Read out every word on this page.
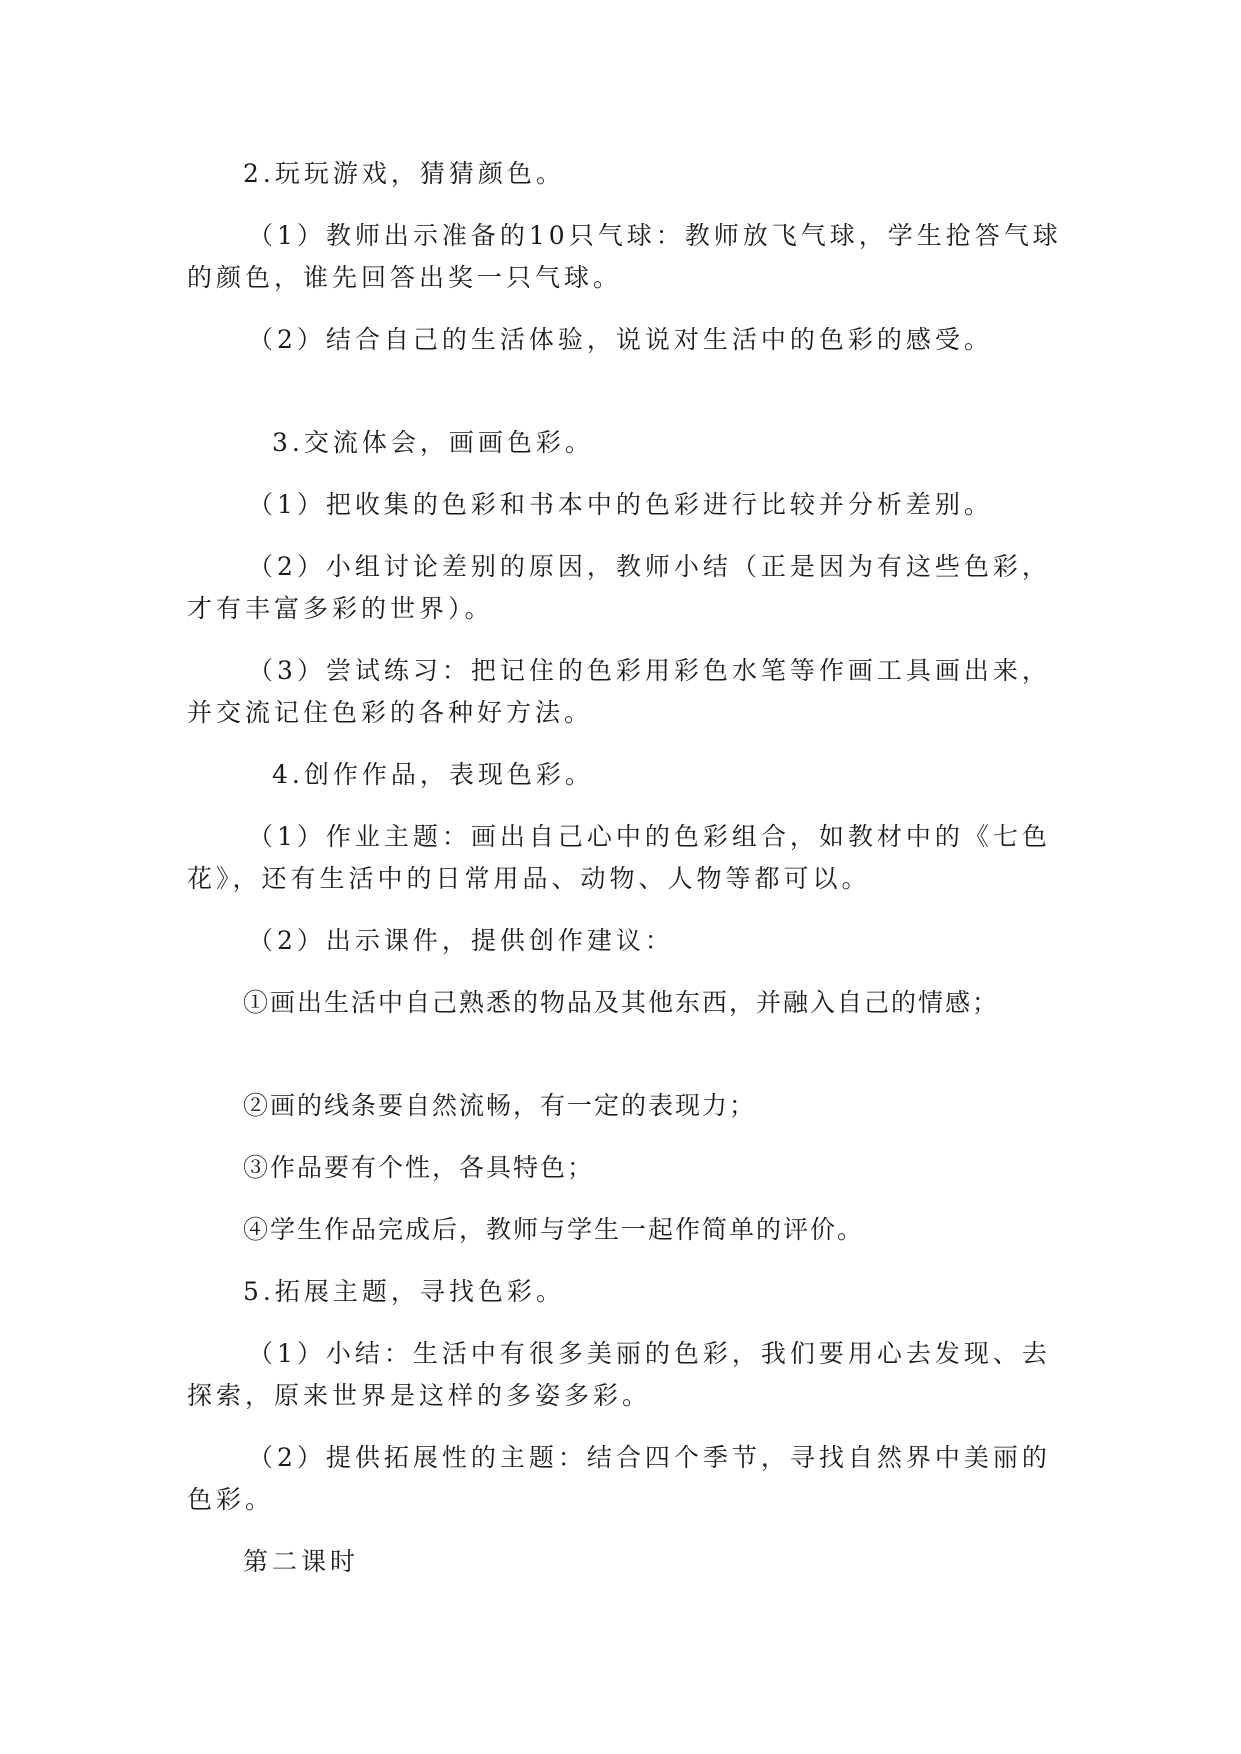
2.玩玩游戏，猜猜颜色。

（1）教师出示准备的10只气球：教师放飞气球，学生抢答气球

的颜色，谁先回答出奖一只气球。

（2）结合自己的生活体验，说说对生活中的色彩的感受。

3.交流体会，画画色彩。

（1）把收集的色彩和书本中的色彩进行比较并分析差别。

（2）小组讨论差别的原因，教师小结（正是因为有这些色彩，

才有丰富多彩的世界）。

（3）尝试练习：把记住的色彩用彩色水笔等作画工具画出来，

并交流记住色彩的各种好方法。

4.创作作品，表现色彩。

（1）作业主题：画出自己心中的色彩组合，如教材中的《七色

花》，还有生活中的日常用品、动物、人物等都可以。

（2）出示课件，提供创作建议：

①画出生活中自己熟悉的物品及其他东西，并融入自己的情感；

②画的线条要自然流畅，有一定的表现力；

③作品要有个性，各具特色；

④学生作品完成后，教师与学生一起作简单的评价。

5.拓展主题，寻找色彩。

（1）小结：生活中有很多美丽的色彩，我们要用心去发现、去

探索，原来世界是这样的多姿多彩。

（2）提供拓展性的主题：结合四个季节，寻找自然界中美丽的

色彩。

第二课时
